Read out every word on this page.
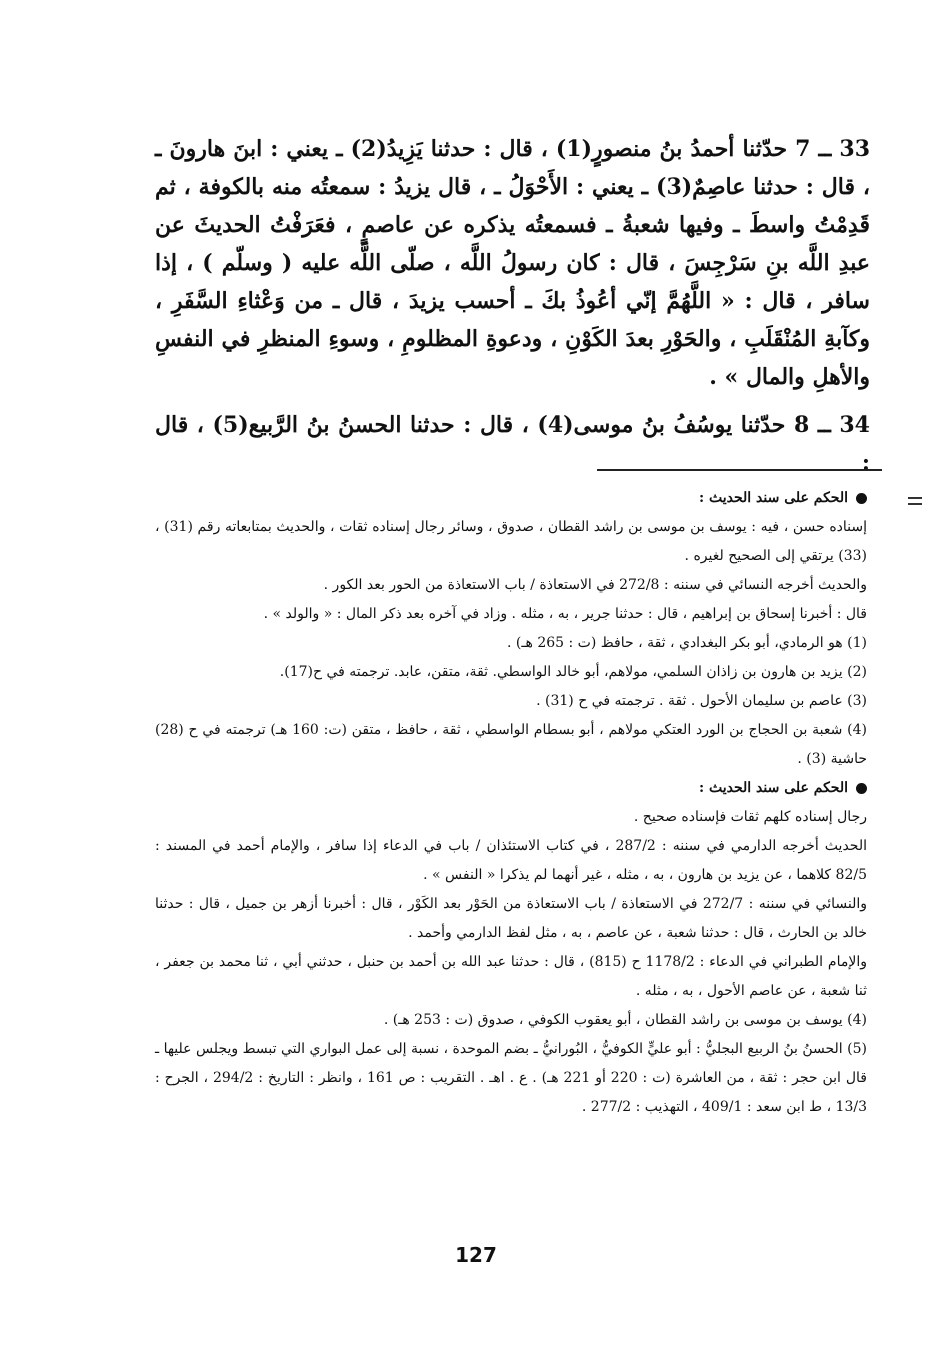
33 ــ 7 حدّثنا أحمدُ بنُ منصورٍ(1) ، قال : حدثنا يَزِيدُ(2) ـ يعني : ابنَ هارونَ ـ ، قال : حدثنا عاصِمٌ(3) ـ يعني : الأَحْوَلُ ـ ، قال يزيدُ : سمعتُه منه بالكوفة ، ثم قَدِمْتُ واسطَ ـ وفيها شعبةُ ـ فسمعتُه يذكره عن عاصمٍ ، فعَرَفْتُ الحديثَ عن عبدِ اللَّه بنِ سَرْجِسَ ، قال : كان رسولُ اللَّه ، صلّى اللَّه عليه ( وسلّم ) ، إذا سافر ، قال : « اللَّهُمَّ إنّي أعُوذُ بكَ ـ أحسب يزيدَ ، قال ـ من وَعْثاءِ السَّفَرِ ، وكآبةِ المُنْقَلَبِ ، والحَوْرِ بعدَ الكَوْنِ ، ودعوةِ المظلومِ ، وسوءِ المنظرِ في النفسِ والأهلِ والمال » .

34 ــ 8 حدّثنا يوسُفُ بنُ موسى(4) ، قال : حدثنا الحسنُ بنُ الرَّبيع(5) ، قال :

الحكم على سند الحديث :

إسناده حسن ، فيه : يوسف بن موسى بن راشد القطان ، صدوق ، وسائر رجال إسناده ثقات ، والحديث بمتابعاته رقم (31) ، (33) يرتقي إلى الصحيح لغيره .

والحديث أخرجه النسائي في سننه : 272/8 في الاستعاذة / باب الاستعاذة من الحور بعد الكور .

قال : أخبرنا إسحاق بن إبراهيم ، قال : حدثنا جرير ، به ، مثله . وزاد في آخره بعد ذكر المال : « والولد » .

(1) هو الرمادي، أبو بكر البغدادي ، ثقة ، حافظ (ت : 265 هـ) .

(2) يزيد بن هارون بن زاذان السلمي، مولاهم، أبو خالد الواسطي. ثقة، متقن، عابد. ترجمته في ح(17).

(3) عاصم بن سليمان الأحول . ثقة . ترجمته في ح (31) .

(4) شعبة بن الحجاج بن الورد العتكي مولاهم ، أبو بسطام الواسطي ، ثقة ، حافظ ، متقن (ت: 160 هـ) ترجمته في ح (28) حاشية (3) .

الحكم على سند الحديث :

رجال إسناده كلهم ثقات فإسناده صحيح .

الحديث أخرجه الدارمي في سننه : 287/2 ، في كتاب الاستئذان / باب في الدعاء إذا سافر ، والإمام أحمد في المسند : 82/5 كلاهما ، عن يزيد بن هارون ، به ، مثله ، غير أنهما لم يذكرا « النفس » .

والنسائي في سننه : 272/7 في الاستعاذة / باب الاستعاذة من الحَوْر بعد الكَوْر ، قال : أخبرنا أزهر بن جميل ، قال : حدثنا خالد بن الحارث ، قال : حدثنا شعبة ، عن عاصم ، به ، مثل لفظ الدارمي وأحمد .

والإمام الطبراني في الدعاء : 1178/2 ح (815) ، قال : حدثنا عبد الله بن أحمد بن حنبل ، حدثني أبي ، ثنا محمد بن جعفر ، ثنا شعبة ، عن عاصم الأحول ، به ، مثله .

(4) يوسف بن موسى بن راشد القطان ، أبو يعقوب الكوفي ، صدوق (ت : 253 هـ) .

(5) الحسنُ بنُ الربيع البجليُّ : أبو عليٍّ الكوفيُّ ، البُورانيُّ ـ بضم الموحدة ، نسبة إلى عمل البواري التي تبسط ويجلس عليها ـ قال ابن حجر : ثقة ، من العاشرة (ت : 220 أو 221 هـ) . ع . اهـ . التقريب : ص 161 ، وانظر : التاريخ : 294/2 ، الجرح : 13/3 ، ط ابن سعد : 409/1 ، التهذيب : 277/2 .

127
